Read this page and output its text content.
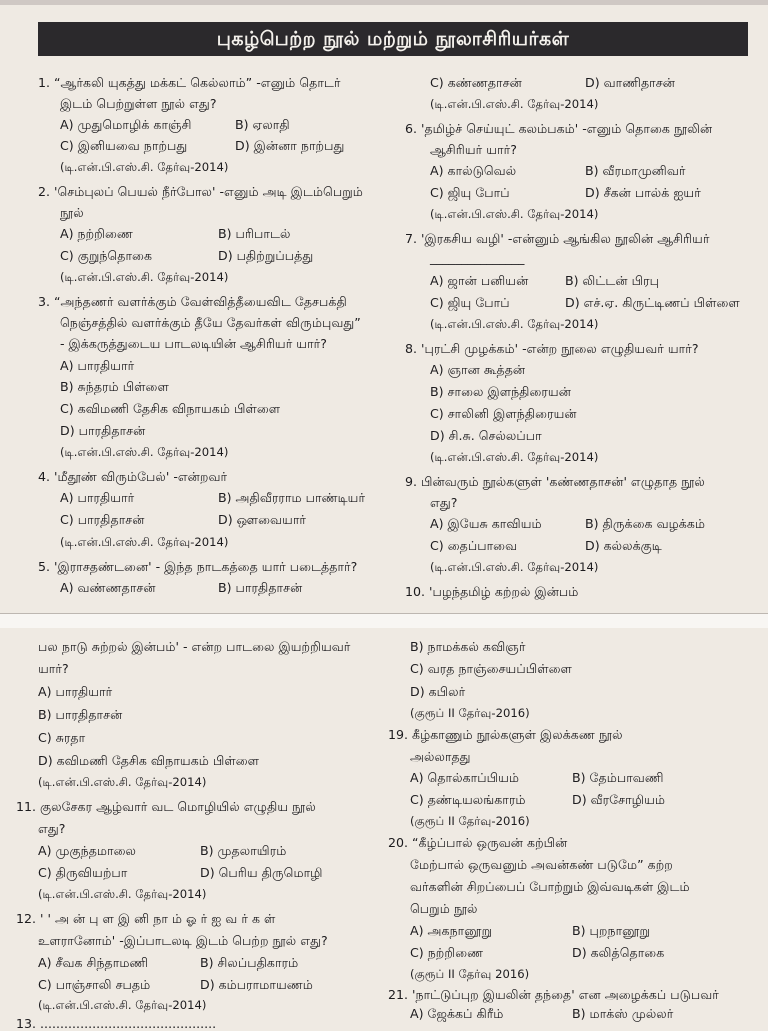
புகழ்பெற்ற நூல் மற்றும் நூலாசிரியர்கள்
1. “ஆர்கலி யுகத்து மக்கட் கெல்லாம்” -எனும் தொடர்
இடம் பெற்றுள்ள நூல் எது?
A) முதுமொழிக் காஞ்சி	B) ஏலாதி
C) இனியவை நாற்பது	D) இன்னா நாற்பது
(டி.என்.பி.எஸ்.சி. தேர்வு-2014)
2. 'செம்புலப் பெயல் நீர்போல' -எனும் அடி இடம்பெறும்
நூல்
A) நற்றிணை	B) பரிபாடல்
C) குறுந்தொகை	D) பதிற்றுப்பத்து
(டி.என்.பி.எஸ்.சி. தேர்வு-2014)
3. “அந்தணர் வளர்க்கும் வேள்வித்தீயைவிட தேசபக்தி
நெஞ்சத்தில் வளர்க்கும் தீயே தேவர்கள் விரும்புவது”
- இக்கருத்துடைய பாடலடியின் ஆசிரியர் யார்?
A) பாரதியார்
B) சுந்தரம் பிள்ளை
C) கவிமணி தேசிக விநாயகம் பிள்ளை
D) பாரதிதாசன்
(டி.என்.பி.எஸ்.சி. தேர்வு-2014)
4. 'மீதூண் விரும்பேல்' -என்றவர்
A) பாரதியார்	B) அதிவீரராம பாண்டியர்
C) பாரதிதாசன்	D) ஔவையார்
(டி.என்.பி.எஸ்.சி. தேர்வு-2014)
5. 'இராசதண்டனை' - இந்த நாடகத்தை யார் படைத்தார்?
A) வண்ணதாசன்	B) பாரதிதாசன்
C) கண்ணதாசன்	D) வாணிதாசன்
(டி.என்.பி.எஸ்.சி. தேர்வு-2014)
6. 'தமிழ்ச் செய்யுட் கலம்பகம்' -எனும் தொகை நூலின்
ஆசிரியர் யார்?
A) கால்டுவெல்	B) வீரமாமுனிவர்
C) ஜியு போப்	D) சீகன் பால்க் ஐயர்
(டி.என்.பி.எஸ்.சி. தேர்வு-2014)
7. 'இரகசிய வழி' -என்னும் ஆங்கில நூலின் ஆசிரியர்
_______________
A) ஜான் பனியன்	B) லிட்டன் பிரபு
C) ஜியு போப்	D) எச்.ஏ. கிருட்டிணப் பிள்ளை
(டி.என்.பி.எஸ்.சி. தேர்வு-2014)
8. 'புரட்சி முழக்கம்' -என்ற நூலை எழுதியவர் யார்?
A) ஞான கூத்தன்
B) சாலை இளந்திரையன்
C) சாலினி இளந்திரையன்
D) சி.சு. செல்லப்பா
(டி.என்.பி.எஸ்.சி. தேர்வு-2014)
9. பின்வரும் நூல்களுள் 'கண்ணதாசன்' எழுதாத நூல்
எது?
A) இயேசு காவியம்	B) திருக்கை வழக்கம்
C) தைப்பாவை	D) கல்லக்குடி
(டி.என்.பி.எஸ்.சி. தேர்வு-2014)
10. 'பழந்தமிழ் கற்றல் இன்பம்
பல நாடு சுற்றல் இன்பம்' - என்ற பாடலை இயற்றியவர்
யார்?
A) பாரதியார்
B) பாரதிதாசன்
C) சுரதா
D) கவிமணி தேசிக விநாயகம் பிள்ளை
(டி.என்.பி.எஸ்.சி. தேர்வு-2014)
11. குலசேகர ஆழ்வார் வட மொழியில் எழுதிய நூல்
எது?
A) முகுந்தமாலை	B) முதலாயிரம்
C) திருவியற்பா	D) பெரிய திருமொழி
(டி.என்.பி.எஸ்.சி. தேர்வு-2014)
12. ' ' அ ன் பு ள இ னி நா ம் ஓ ர் ஐ வ ர் க ள்
உளரானோம்' -இப்பாடலடி இடம் பெற்ற நூல் எது?
A) சீவக சிந்தாமணி	B) சிலப்பதிகாரம்
C) பாஞ்சாலி சபதம்	D) கம்பராமாயணம்
(டி.என்.பி.எஸ்.சி. தேர்வு-2014)
13. ............................................
B) நாமக்கல் கவிஞர்
C) வரத நாஞ்சையப்பிள்ளை
D) கபிலர்
(குரூப் II தேர்வு-2016)
19. கீழ்காணும் நூல்களுள் இலக்கண நூல்
அல்லாதது
A) தொல்காப்பியம்	B) தேம்பாவணி
C) தண்டியலங்காரம்	D) வீரசோழியம்
(குரூப் II தேர்வு-2016)
20. “கீழ்ப்பால் ஒருவன் கற்பின்
மேற்பால் ஒருவனும் அவன்கண் படுமே” கற்ற
வர்களின் சிறப்பைப் போற்றும் இவ்வடிகள் இடம்
பெறும் நூல்
A) அகநானூறு	B) புறநானூறு
C) நற்றிணை	D) கலித்தொகை
(குரூப் II தேர்வு 2016)
21. 'நாட்டுப்புற இயலின் தந்தை' என அழைக்கப் படுபவர்
A) ஜேக்கப் கிரீம்	B) மாக்ஸ் முல்லர்
